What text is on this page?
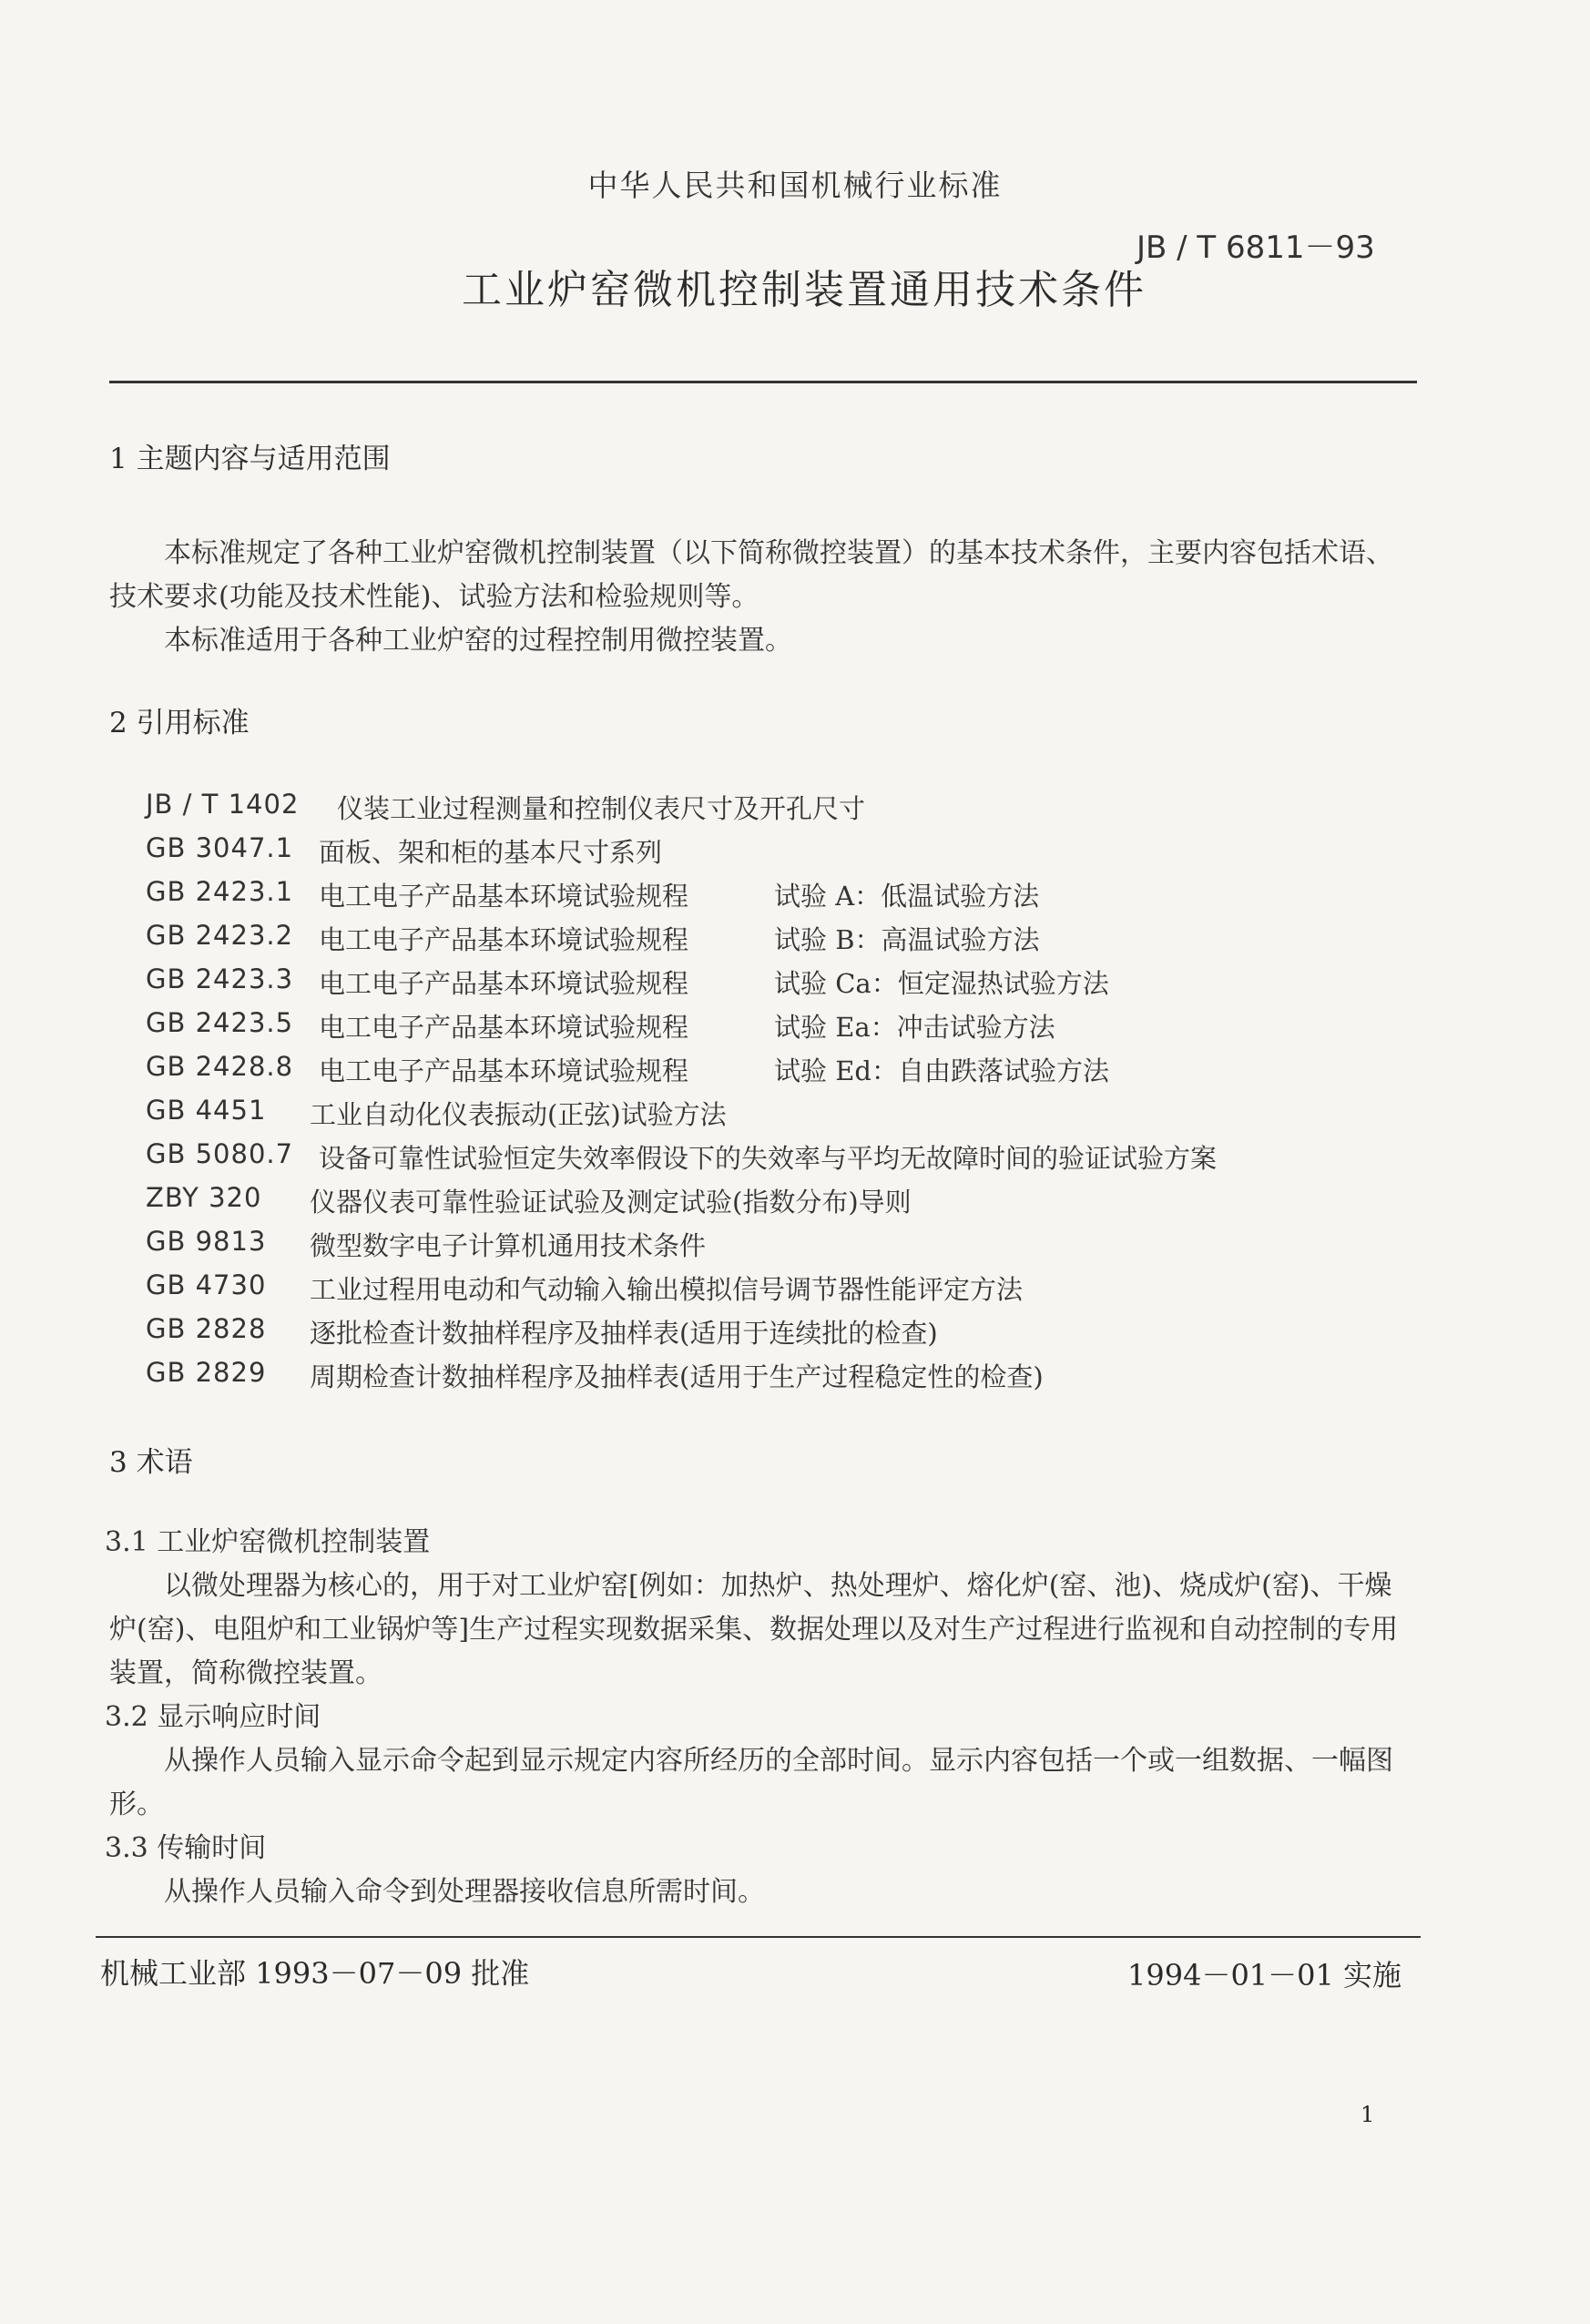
中华人民共和国机械行业标准
JB / T 6811－93
工业炉窑微机控制装置通用技术条件
1 主题内容与适用范围
本标准规定了各种工业炉窑微机控制装置（以下简称微控装置）的基本技术条件，主要内容包括术语、技术要求(功能及技术性能)、试验方法和检验规则等。
本标准适用于各种工业炉窑的过程控制用微控装置。
2 引用标准
JB / T 1402 仪装工业过程测量和控制仪表尺寸及开孔尺寸
GB 3047.1 面板、架和柜的基本尺寸系列
GB 2423.1 电工电子产品基本环境试验规程	试验 A：低温试验方法
GB 2423.2 电工电子产品基本环境试验规程	试验 B：高温试验方法
GB 2423.3 电工电子产品基本环境试验规程	试验 Ca：恒定湿热试验方法
GB 2423.5 电工电子产品基本环境试验规程	试验 Ea：冲击试验方法
GB 2428.8 电工电子产品基本环境试验规程	试验 Ed：自由跌落试验方法
GB 4451 工业自动化仪表振动(正弦)试验方法
GB 5080.7 设备可靠性试验恒定失效率假设下的失效率与平均无故障时间的验证试验方案
ZBY 320 仪器仪表可靠性验证试验及测定试验(指数分布)导则
GB 9813 微型数字电子计算机通用技术条件
GB 4730 工业过程用电动和气动输入输出模拟信号调节器性能评定方法
GB 2828 逐批检查计数抽样程序及抽样表(适用于连续批的检查)
GB 2829 周期检查计数抽样程序及抽样表(适用于生产过程稳定性的检查)
3 术语
3.1 工业炉窑微机控制装置
以微处理器为核心的，用于对工业炉窑[例如：加热炉、热处理炉、熔化炉(窑、池)、烧成炉(窑)、干燥炉(窑)、电阻炉和工业锅炉等]生产过程实现数据采集、数据处理以及对生产过程进行监视和自动控制的专用装置，简称微控装置。
3.2 显示响应时间
从操作人员输入显示命令起到显示规定内容所经历的全部时间。显示内容包括一个或一组数据、一幅图形。
3.3 传输时间
从操作人员输入命令到处理器接收信息所需时间。
机械工业部 1993－07－09 批准	1994－01－01 实施
1
